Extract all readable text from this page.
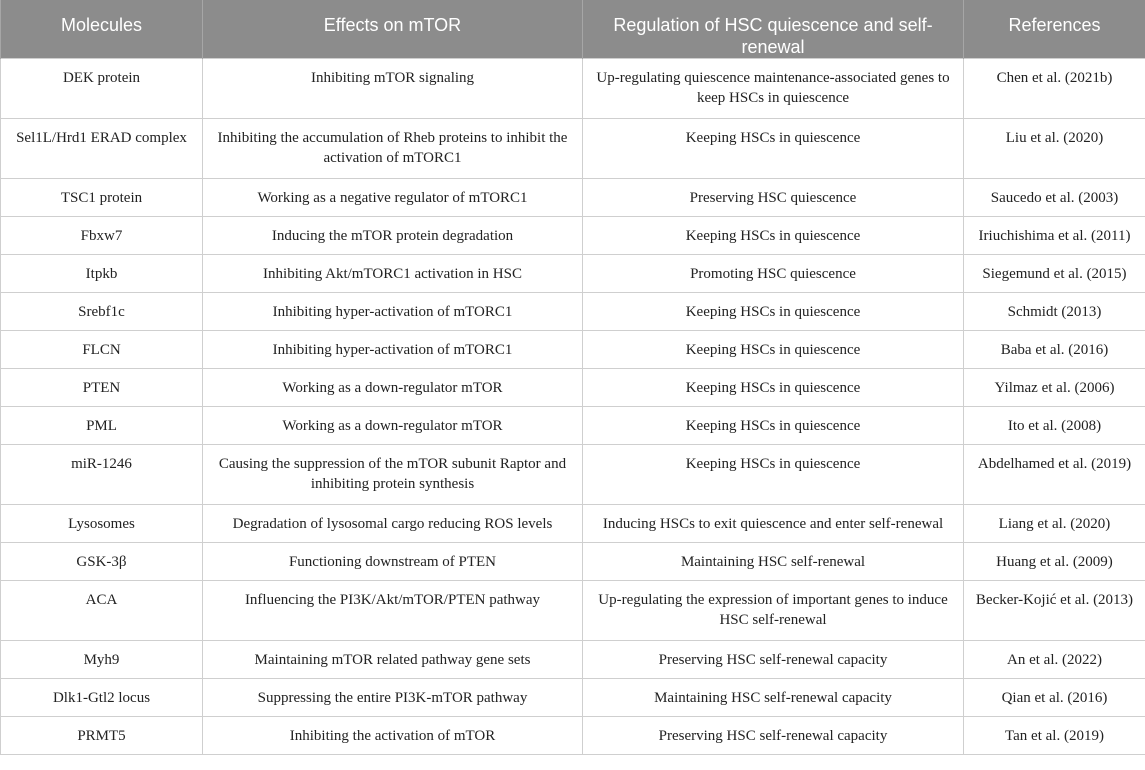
Molecules	Effects on mTOR	Regulation of HSC quiescence and self-renewal	References
DEK protein	Inhibiting mTOR signaling	Up-regulating quiescence maintenance-associated genes to keep HSCs in quiescence	Chen et al. (2021b)
Sel1L/Hrd1 ERAD complex	Inhibiting the accumulation of Rheb proteins to inhibit the activation of mTORC1	Keeping HSCs in quiescence	Liu et al. (2020)
TSC1 protein	Working as a negative regulator of mTORC1	Preserving HSC quiescence	Saucedo et al. (2003)
Fbxw7	Inducing the mTOR protein degradation	Keeping HSCs in quiescence	Iriuchishima et al. (2011)
Itpkb	Inhibiting Akt/mTORC1 activation in HSC	Promoting HSC quiescence	Siegemund et al. (2015)
Srebf1c	Inhibiting hyper-activation of mTORC1	Keeping HSCs in quiescence	Schmidt (2013)
FLCN	Inhibiting hyper-activation of mTORC1	Keeping HSCs in quiescence	Baba et al. (2016)
PTEN	Working as a down-regulator mTOR	Keeping HSCs in quiescence	Yilmaz et al. (2006)
PML	Working as a down-regulator mTOR	Keeping HSCs in quiescence	Ito et al. (2008)
miR-1246	Causing the suppression of the mTOR subunit Raptor and inhibiting protein synthesis	Keeping HSCs in quiescence	Abdelhamed et al. (2019)
Lysosomes	Degradation of lysosomal cargo reducing ROS levels	Inducing HSCs to exit quiescence and enter self-renewal	Liang et al. (2020)
GSK-3β	Functioning downstream of PTEN	Maintaining HSC self-renewal	Huang et al. (2009)
ACA	Influencing the PI3K/Akt/mTOR/PTEN pathway	Up-regulating the expression of important genes to induce HSC self-renewal	Becker-Kojić et al. (2013)
Myh9	Maintaining mTOR related pathway gene sets	Preserving HSC self-renewal capacity	An et al. (2022)
Dlk1-Gtl2 locus	Suppressing the entire PI3K-mTOR pathway	Maintaining HSC self-renewal capacity	Qian et al. (2016)
PRMT5	Inhibiting the activation of mTOR	Preserving HSC self-renewal capacity	Tan et al. (2019)
